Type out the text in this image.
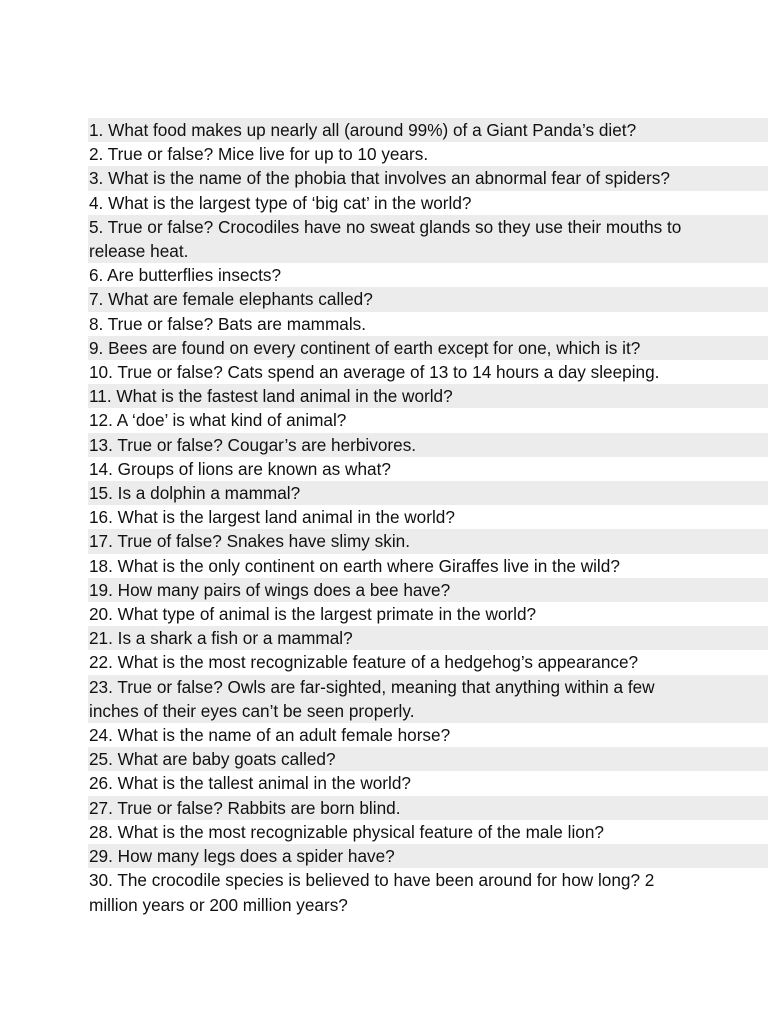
1. What food makes up nearly all (around 99%) of a Giant Panda’s diet?
2. True or false? Mice live for up to 10 years.
3. What is the name of the phobia that involves an abnormal fear of spiders?
4. What is the largest type of ‘big cat’ in the world?
5. True or false? Crocodiles have no sweat glands so they use their mouths to
release heat.
6. Are butterflies insects?
7. What are female elephants called?
8. True or false? Bats are mammals.
9. Bees are found on every continent of earth except for one, which is it?
10. True or false? Cats spend an average of 13 to 14 hours a day sleeping.
11. What is the fastest land animal in the world?
12. A ‘doe’ is what kind of animal?
13. True or false? Cougar’s are herbivores.
14. Groups of lions are known as what?
15. Is a dolphin a mammal?
16. What is the largest land animal in the world?
17. True of false? Snakes have slimy skin.
18. What is the only continent on earth where Giraffes live in the wild?
19. How many pairs of wings does a bee have?
20. What type of animal is the largest primate in the world?
21. Is a shark a fish or a mammal?
22. What is the most recognizable feature of a hedgehog’s appearance?
23. True or false? Owls are far-sighted, meaning that anything within a few
inches of their eyes can’t be seen properly.
24. What is the name of an adult female horse?
25. What are baby goats called?
26. What is the tallest animal in the world?
27. True or false? Rabbits are born blind.
28. What is the most recognizable physical feature of the male lion?
29. How many legs does a spider have?
30. The crocodile species is believed to have been around for how long? 2
million years or 200 million years?
